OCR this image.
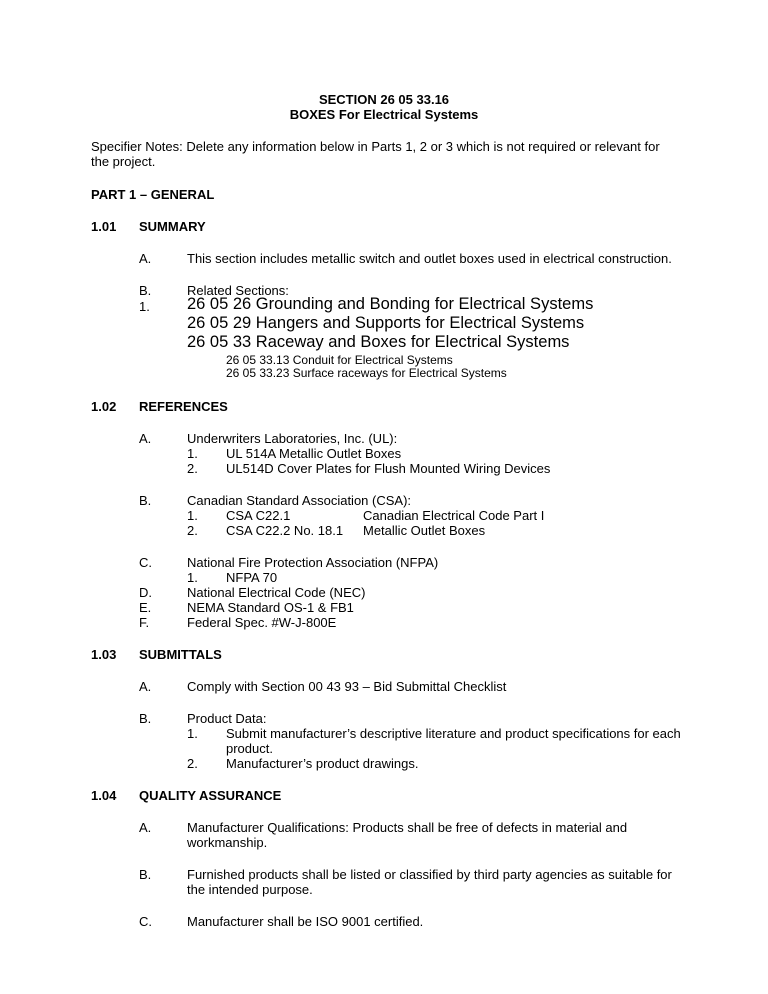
SECTION 26 05 33.16
BOXES For Electrical Systems
Specifier Notes: Delete any information below in Parts 1, 2 or 3 which is not required or relevant for the project.
PART 1 – GENERAL
1.01 SUMMARY
A.	This section includes metallic switch and outlet boxes used in electrical construction.
B.	Related Sections:
1. 26 05 26 Grounding and Bonding for Electrical Systems
26 05 29 Hangers and Supports for Electrical Systems
26 05 33 Raceway and Boxes for Electrical Systems
26 05 33.13 Conduit for Electrical Systems
26 05 33.23 Surface raceways for Electrical Systems
1.02 REFERENCES
A.	Underwriters Laboratories, Inc. (UL):
1. UL 514A Metallic Outlet Boxes
2. UL514D Cover Plates for Flush Mounted Wiring Devices
B.	Canadian Standard Association (CSA):
1. CSA C22.1	Canadian Electrical Code Part I
2. CSA C22.2 No. 18.1 Metallic Outlet Boxes
C.	National Fire Protection Association (NFPA)
1. NFPA 70
D.	National Electrical Code (NEC)
E.	NEMA Standard OS-1 & FB1
F.	Federal Spec. #W-J-800E
1.03 SUBMITTALS
A.	Comply with Section 00 43 93 – Bid Submittal Checklist
B.	Product Data:
1. Submit manufacturer’s descriptive literature and product specifications for each product.
2. Manufacturer’s product drawings.
1.04 QUALITY ASSURANCE
A.	Manufacturer Qualifications: Products shall be free of defects in material and workmanship.
B.	Furnished products shall be listed or classified by third party agencies as suitable for the intended purpose.
C.	Manufacturer shall be ISO 9001 certified.
